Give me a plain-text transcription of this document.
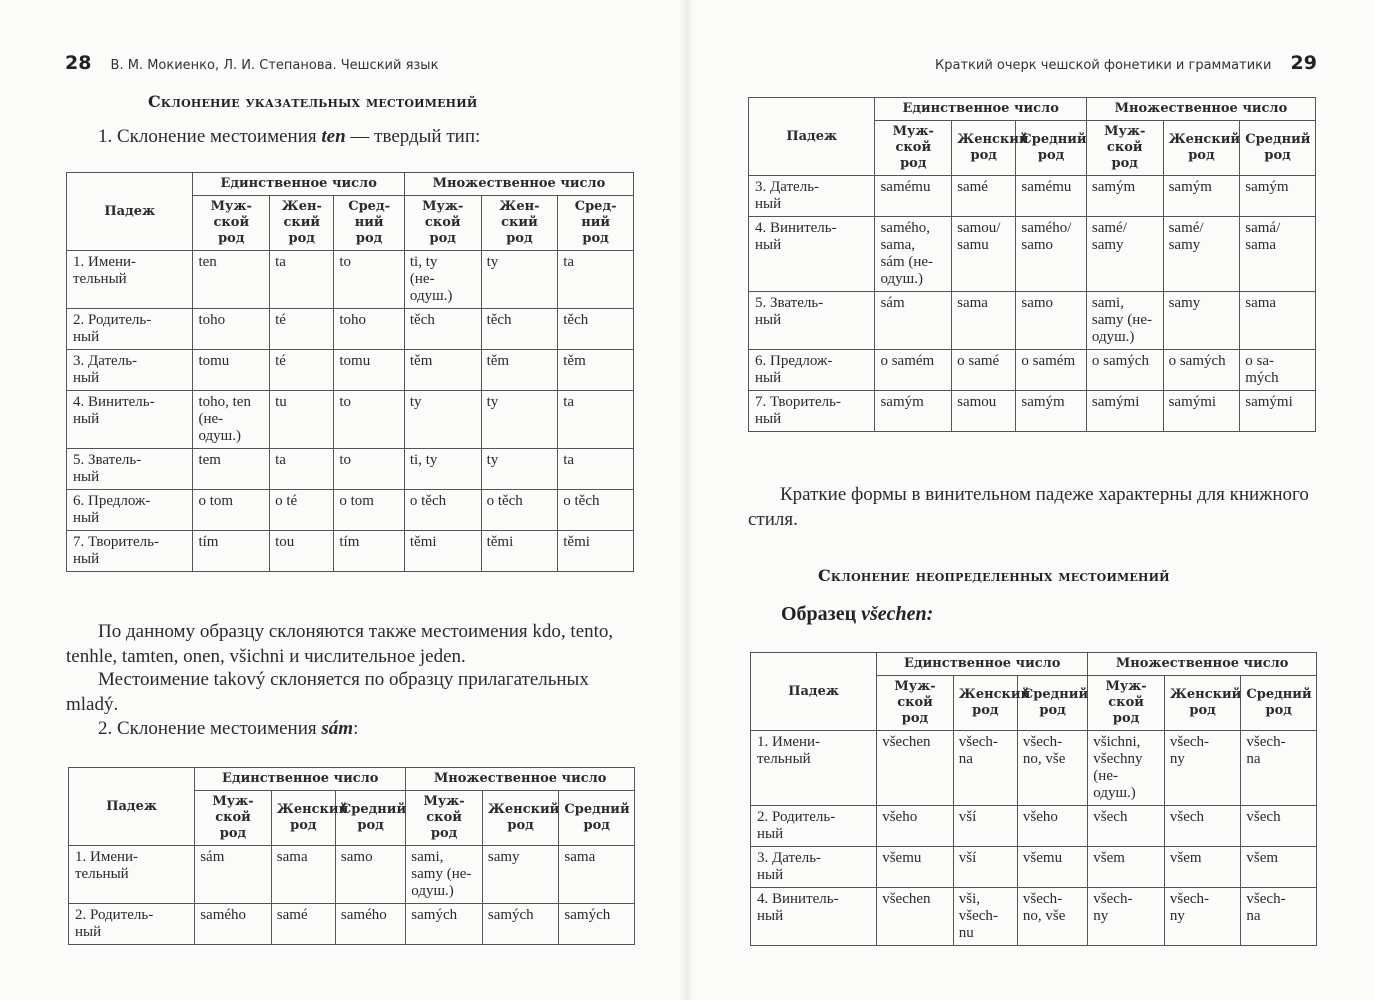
28 В. М. Мокиенко, Л. И. Степанова. Чешский язык
Склонение указательных местоимений
1. Склонение местоимения ten — твердый тип:
Падеж	Единственное число			Множественное число		
	Муж-
ской род	Жен-
ский
род	Сред-
ний
род	Муж-
ской
род	Жен-
ский
род	Сред-
ний
род
1. Имени-
тельный	ten	ta	to	ti, ty
(не-
одуш.)	ty	ta
2. Родитель-
ный	toho	té	toho	těch	těch	těch
3. Датель-
ный	tomu	té	tomu	těm	těm	těm
4. Винитель-
ный	toho, ten
(не-
одуш.)	tu	to	ty	ty	ta
5. Зватель-
ный	tem	ta	to	ti, ty	ty	ta
6. Предлож-
ный	o tom	o té	o tom	o těch	o těch	o těch
7. Творитель-
ный	tím	tou	tím	těmi	těmi	těmi
По данному образцу склоняются также местоимения kdo, tento, tenhle, tamten, onen, všichni и числительное jeden.
Местоимение takový склоняется по образцу прилагательных mladý.
2. Склонение местоимения sám:
Падеж	Единственное число			Множественное число		
	Муж-
ской
род	Женский
род	Средний
род	Муж-
ской род	Женский
род	Средний
род
1. Имени-
тельный	sám	sama	samo	sami,
samy (не-
одуш.)	samy	sama
2. Родитель-
ный	samého	samé	samého	samých	samých	samých
Краткий очерк чешской фонетики и грамматики 29
Падеж	Единственное число			Множественное число		
	Муж-
ской
род	Женский
род	Средний
род	Муж-
ской род	Женский
род	Средний
род
3. Датель-
ный	samému	samé	samému	samým	samým	samým
4. Винитель-
ный	samého,
sama,
sám (не-
одуш.)	samou/
samu	samého/
samo	samé/
samy	samé/
samy	samá/
sama
5. Зватель-
ный	sám	sama	samo	sami,
samy (не-
одуш.)	samy	sama
6. Предлож-
ный	o samém	o samé	o samém	o samých	o samých	o sa-
mých
7. Творитель-
ный	samým	samou	samým	samými	samými	samými
Краткие формы в винительном падеже характерны для книжного стиля.
Склонение неопределенных местоимений
Образец všechen:
Падеж	Единственное число			Множественное число		
	Муж-
ской
род	Женский
род	Средний
род	Муж-
ской
род	Женский
род	Средний
род
1. Имени-
тельный	všechen	všech-
na	všech-
no, vše	všichni,
všechny
(не-
одуш.)	všech-
ny	všech-
na
2. Родитель-
ный	všeho	vší	všeho	všech	všech	všech
3. Датель-
ный	všemu	vší	všemu	všem	všem	všem
4. Винитель-
ный	všechen	vši,
všech-
nu	všech-
no, vše	všech-
ny	všech-
ny	všech-
na
